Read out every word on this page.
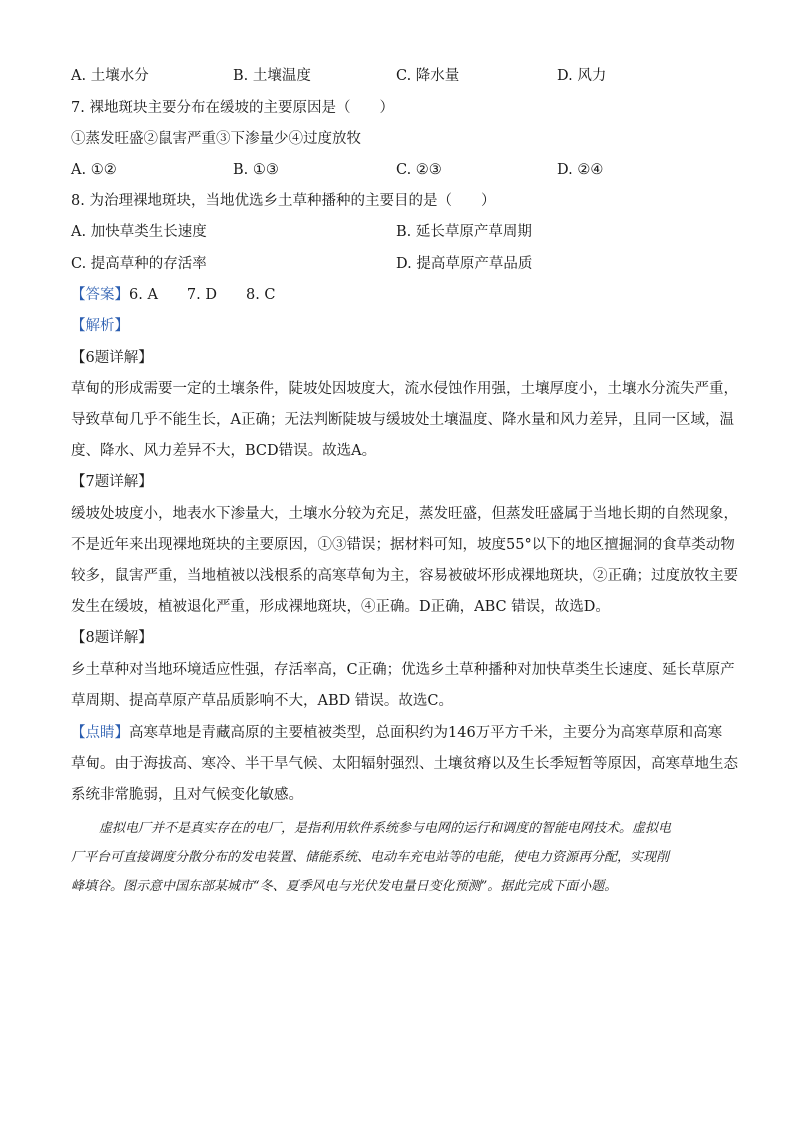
A. 土壤水分	B. 土壤温度	C. 降水量	D. 风力
7. 裸地斑块主要分布在缓坡的主要原因是（　　）
①蒸发旺盛②鼠害严重③下渗量少④过度放牧
A. ①②	B. ①③	C. ②③	D. ②④
8. 为治理裸地斑块，当地优选乡土草种播种的主要目的是（　　）
A. 加快草类生长速度	B. 延长草原产草周期
C. 提高草种的存活率	D. 提高草原产草品质
【答案】6. A　　7. D　　8. C
【解析】
【6题详解】
草甸的形成需要一定的土壤条件，陡坡处因坡度大，流水侵蚀作用强，土壤厚度小，土壤水分流失严重，
导致草甸几乎不能生长，A正确；无法判断陡坡与缓坡处土壤温度、降水量和风力差异，且同一区域，温
度、降水、风力差异不大，BCD错误。故选A。
【7题详解】
缓坡处坡度小，地表水下渗量大，土壤水分较为充足，蒸发旺盛，但蒸发旺盛属于当地长期的自然现象，
不是近年来出现裸地斑块的主要原因，①③错误；据材料可知，坡度55°以下的地区擅掘洞的食草类动物
较多，鼠害严重，当地植被以浅根系的高寒草甸为主，容易被破坏形成裸地斑块，②正确；过度放牧主要
发生在缓坡，植被退化严重，形成裸地斑块，④正确。D正确，ABC 错误，故选D。
【8题详解】
乡土草种对当地环境适应性强，存活率高，C正确；优选乡土草种播种对加快草类生长速度、延长草原产
草周期、提高草原产草品质影响不大，ABD 错误。故选C。
【点睛】高寒草地是青藏高原的主要植被类型，总面积约为146万平方千米，主要分为高寒草原和高寒
草甸。由于海拔高、寒冷、半干旱气候、太阳辐射强烈、土壤贫瘠以及生长季短暂等原因，高寒草地生态
系统非常脆弱，且对气候变化敏感。
虚拟电厂并不是真实存在的电厂，是指利用软件系统参与电网的运行和调度的智能电网技术。虚拟电
厂平台可直接调度分散分布的发电装置、储能系统、电动车充电站等的电能，使电力资源再分配，实现削
峰填谷。图示意中国东部某城市“冬、夏季风电与光伏发电量日变化预测”。据此完成下面小题。
